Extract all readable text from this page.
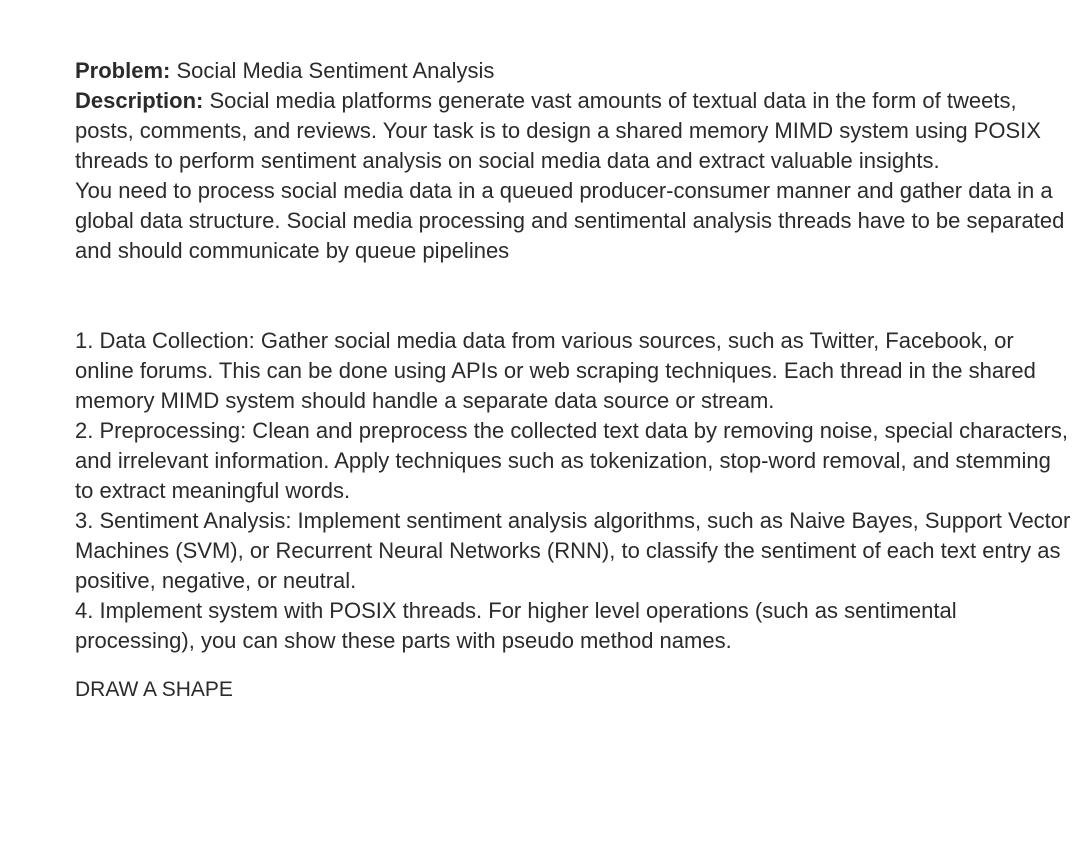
Problem: Social Media Sentiment Analysis

Description: Social media platforms generate vast amounts of textual data in the form of tweets, posts, comments, and reviews. Your task is to design a shared memory MIMD system using POSIX threads to perform sentiment analysis on social media data and extract valuable insights.

You need to process social media data in a queued producer-consumer manner and gather data in a global data structure. Social media processing and sentimental analysis threads have to be separated and should communicate by queue pipelines

1. Data Collection: Gather social media data from various sources, such as Twitter, Facebook, or online forums. This can be done using APIs or web scraping techniques. Each thread in the shared memory MIMD system should handle a separate data source or stream.

2. Preprocessing: Clean and preprocess the collected text data by removing noise, special characters, and irrelevant information. Apply techniques such as tokenization, stop-word removal, and stemming to extract meaningful words.

3. Sentiment Analysis: Implement sentiment analysis algorithms, such as Naive Bayes, Support Vector Machines (SVM), or Recurrent Neural Networks (RNN), to classify the sentiment of each text entry as positive, negative, or neutral.

4. Implement system with POSIX threads. For higher level operations (such as sentimental processing), you can show these parts with pseudo method names.

DRAW A SHAPE
